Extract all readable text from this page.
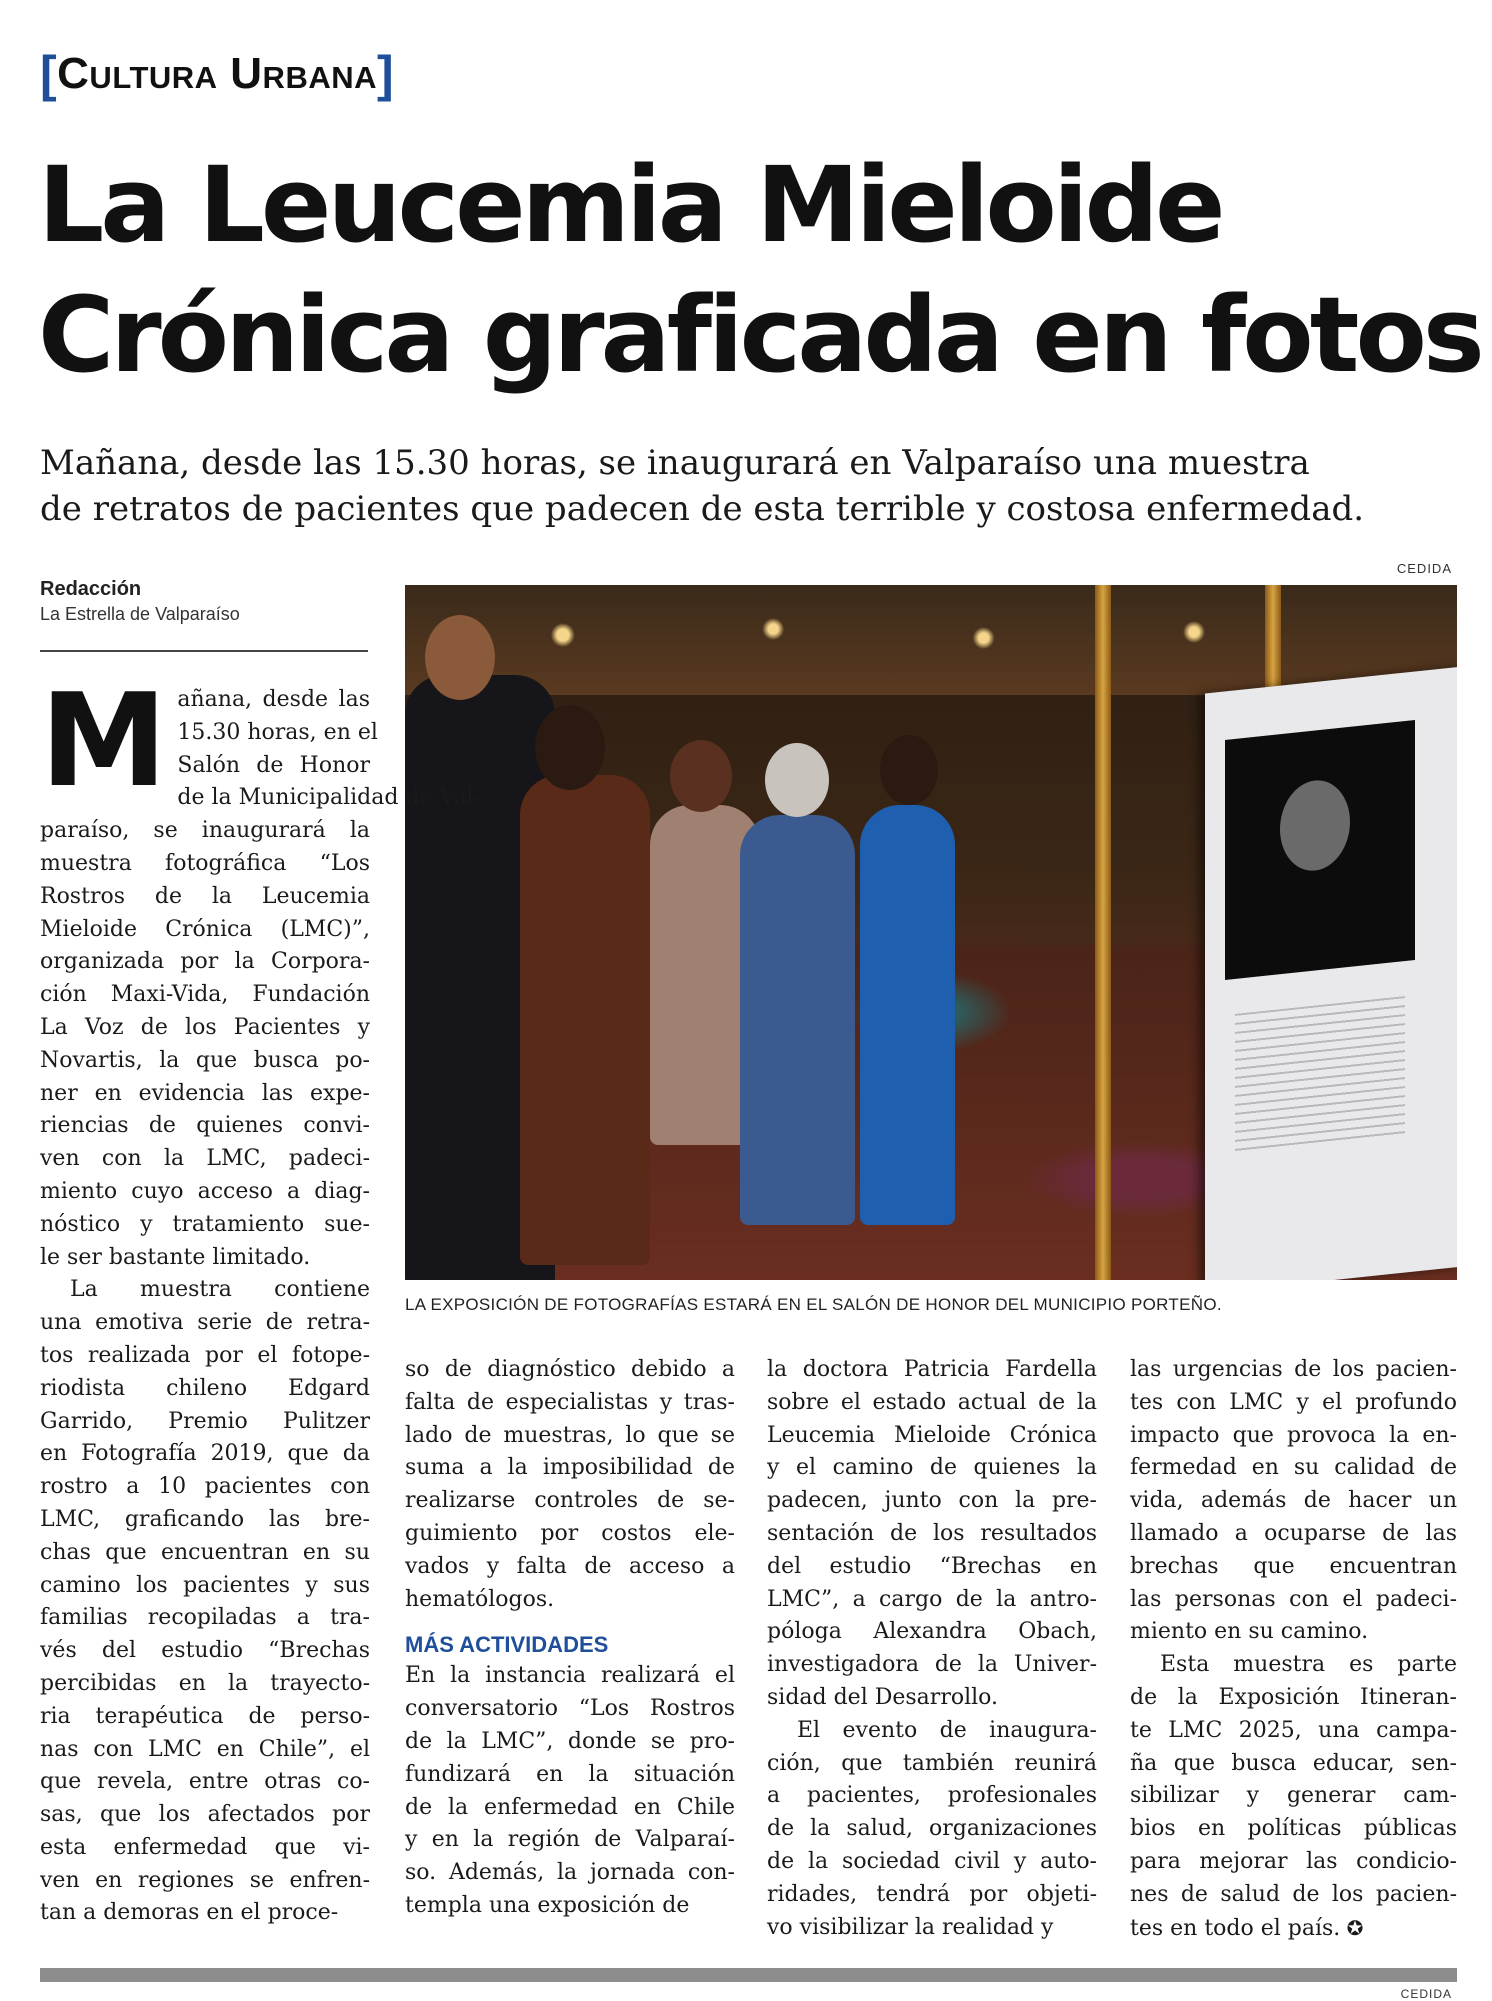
[Cultura Urbana]
La Leucemia Mieloide
Crónica graficada en fotos
Mañana, desde las 15.30 horas, se inaugurará en Valparaíso una muestra
de retratos de pacientes que padecen de esta terrible y costosa enfermedad.
CEDIDA
Redacción
La Estrella de Valparaíso
LA EXPOSICIÓN DE FOTOGRAFÍAS ESTARÁ EN EL SALÓN DE HONOR DEL MUNICIPIO PORTEÑO.
M añana, desde las
15.30 horas, en el
Salón de Honor
de la Municipalidad de Val-
paraíso, se inaugurará la
muestra fotográfica “Los
Rostros de la Leucemia
Mieloide Crónica (LMC)”,
organizada por la Corpora-
ción Maxi-Vida, Fundación
La Voz de los Pacientes y
Novartis, la que busca po-
ner en evidencia las expe-
riencias de quienes convi-
ven con la LMC, padeci-
miento cuyo acceso a diag-
nóstico y tratamiento sue-
le ser bastante limitado.
La muestra contiene
una emotiva serie de retra-
tos realizada por el fotope-
riodista chileno Edgard
Garrido, Premio Pulitzer
en Fotografía 2019, que da
rostro a 10 pacientes con
LMC, graficando las bre-
chas que encuentran en su
camino los pacientes y sus
familias recopiladas a tra-
vés del estudio “Brechas
percibidas en la trayecto-
ria terapéutica de perso-
nas con LMC en Chile”, el
que revela, entre otras co-
sas, que los afectados por
esta enfermedad que vi-
ven en regiones se enfren-
tan a demoras en el proce-
so de diagnóstico debido a
falta de especialistas y tras-
lado de muestras, lo que se
suma a la imposibilidad de
realizarse controles de se-
guimiento por costos ele-
vados y falta de acceso a
hematólogos.
MÁS ACTIVIDADES
En la instancia realizará el
conversatorio “Los Rostros
de la LMC”, donde se pro-
fundizará en la situación
de la enfermedad en Chile
y en la región de Valparaí-
so. Además, la jornada con-
templa una exposición de
la doctora Patricia Fardella
sobre el estado actual de la
Leucemia Mieloide Crónica
y el camino de quienes la
padecen, junto con la pre-
sentación de los resultados
del estudio “Brechas en
LMC”, a cargo de la antro-
póloga Alexandra Obach,
investigadora de la Univer-
sidad del Desarrollo.
El evento de inaugura-
ción, que también reunirá
a pacientes, profesionales
de la salud, organizaciones
de la sociedad civil y auto-
ridades, tendrá por objeti-
vo visibilizar la realidad y
las urgencias de los pacien-
tes con LMC y el profundo
impacto que provoca la en-
fermedad en su calidad de
vida, además de hacer un
llamado a ocuparse de las
brechas que encuentran
las personas con el padeci-
miento en su camino.
Esta muestra es parte
de la Exposición Itineran-
te LMC 2025, una campa-
ña que busca educar, sen-
sibilizar y generar cam-
bios en políticas públicas
para mejorar las condicio-
nes de salud de los pacien-
tes en todo el país. ✪
CEDIDA
